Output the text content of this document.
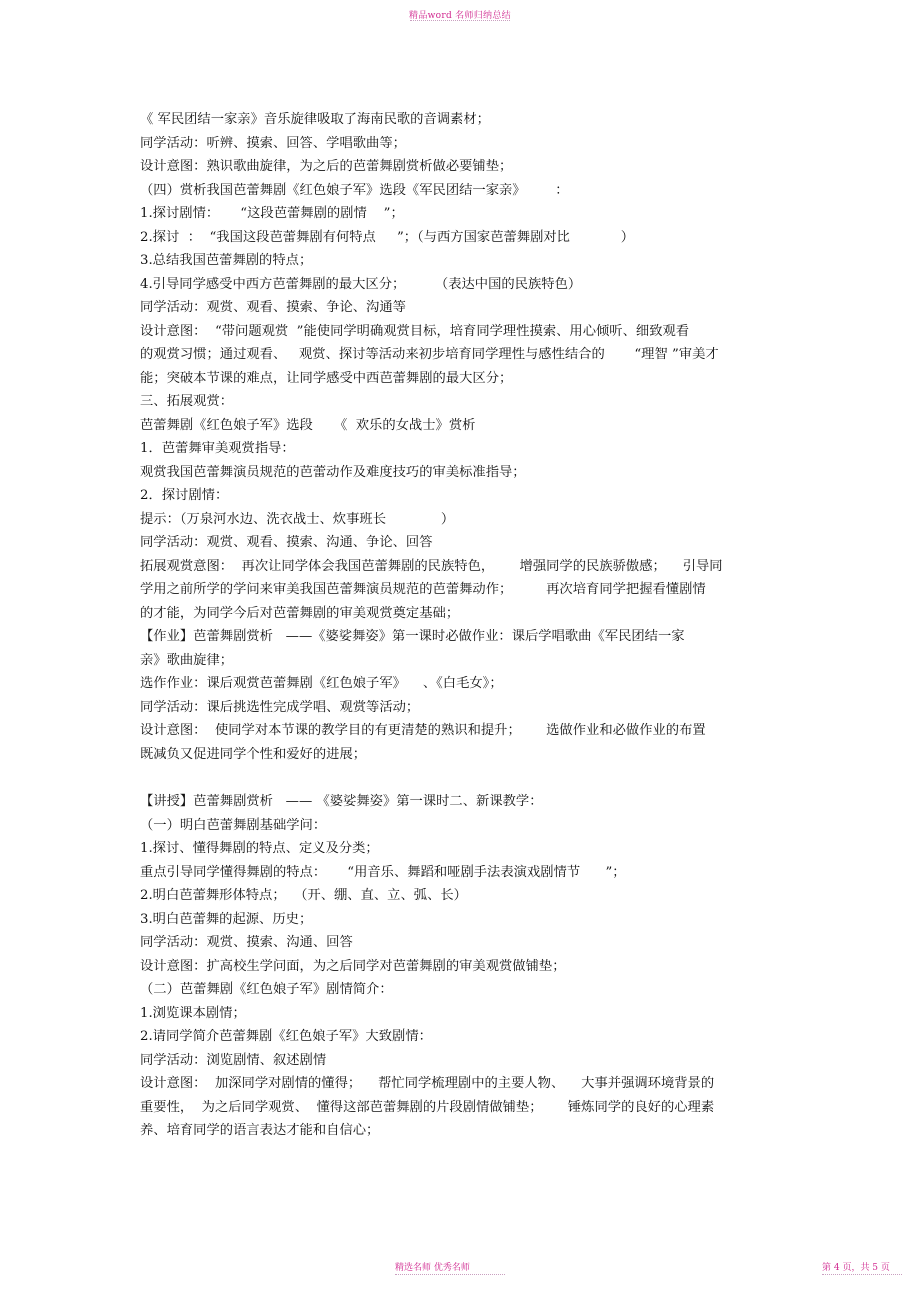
精品word 名师归纳总结

《 军民团结一家亲》音乐旋律吸取了海南民歌的音调素材；

同学活动：听辨、摸索、回答、学唱歌曲等；

设计意图：熟识歌曲旋律，为之后的芭蕾舞剧赏析做必要铺垫；

（四）赏析我国芭蕾舞剧《红色娘子军》选段《军民团结一家亲》       ：

1.探讨剧情：     “这段芭蕾舞剧的剧情    ”；

2.探讨  ：  “我国这段芭蕾舞剧有何特点     ”；（与西方国家芭蕾舞剧对比            ）

3.总结我国芭蕾舞剧的特点；

4.引导同学感受中西方芭蕾舞剧的最大区分；       （表达中国的民族特色）

同学活动：观赏、观看、摸索、争论、沟通等

设计意图：  “带问题观赏  ”能使同学明确观赏目标，培育同学理性摸索、用心倾听、细致观看

的观赏习惯；通过观看、   观赏、探讨等活动来初步培育同学理性与感性结合的       “理智 ”审美才

能；突破本节课的难点，让同学感受中西芭蕾舞剧的最大区分；

三、拓展观赏：

芭蕾舞剧《红色娘子军》选段     《  欢乐的女战士》赏析

1．芭蕾舞审美观赏指导：

观赏我国芭蕾舞演员规范的芭蕾动作及难度技巧的审美标准指导；

2．探讨剧情：

提示：（万泉河水边、洗衣战士、炊事班长             ）

同学活动：观赏、观看、摸索、沟通、争论、回答

拓展观赏意图：  再次让同学体会我国芭蕾舞剧的民族特色，      增强同学的民族骄傲感；    引导同

学用之前所学的学问来审美我国芭蕾舞演员规范的芭蕾舞动作；        再次培育同学把握看懂剧情

的才能，为同学今后对芭蕾舞剧的审美观赏奠定基础；

【作业】芭蕾舞剧赏析   ——《婆娑舞姿》第一课时必做作业：课后学唱歌曲《军民团结一家

亲》歌曲旋律；

选作作业：课后观赏芭蕾舞剧《红色娘子军》    、《白毛女》；

同学活动：课后挑选性完成学唱、观赏等活动；

设计意图：  使同学对本节课的教学目的有更清楚的熟识和提升；      选做作业和必做作业的布置

既减负又促进同学个性和爱好的进展；

【讲授】芭蕾舞剧赏析   —— 《婆娑舞姿》第一课时二、新课教学：

（一）明白芭蕾舞剧基础学问：

1.探讨、懂得舞剧的特点、定义及分类；

重点引导同学懂得舞剧的特点：     “用音乐、舞蹈和哑剧手法表演戏剧情节      ”；

2.明白芭蕾舞形体特点；  （开、绷、直、立、弧、长）

3.明白芭蕾舞的起源、历史；

同学活动：观赏、摸索、沟通、回答

设计意图：扩高校生学问面，为之后同学对芭蕾舞剧的审美观赏做铺垫；

（二）芭蕾舞剧《红色娘子军》剧情简介：

1.浏览课本剧情；

2.请同学简介芭蕾舞剧《红色娘子军》大致剧情：

同学活动：浏览剧情、叙述剧情

设计意图：  加深同学对剧情的懂得；    帮忙同学梳理剧中的主要人物、    大事并强调环境背景的

重要性，  为之后同学观赏、  懂得这部芭蕾舞剧的片段剧情做铺垫；      锤炼同学的良好的心理素

养、培育同学的语言表达才能和自信心；

精选名师 优秀名师	第 4 页，共 5 页
